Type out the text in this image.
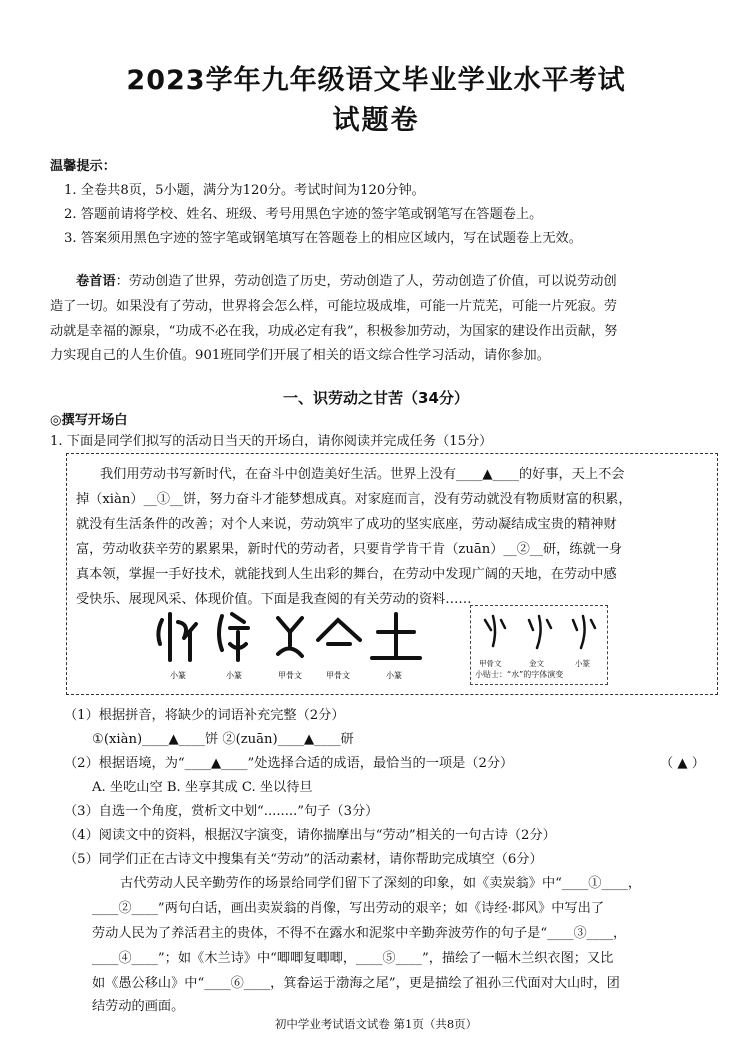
2023学年九年级语文毕业学业水平考试
试题卷
温馨提示：
1. 全卷共8页，5小题，满分为120分。考试时间为120分钟。
2. 答题前请将学校、姓名、班级、考号用黑色字迹的签字笔或钢笔写在答题卷上。
3. 答案须用黑色字迹的签字笔或钢笔填写在答题卷上的相应区域内，写在试题卷上无效。
卷首语：劳动创造了世界，劳动创造了历史，劳动创造了人，劳动创造了价值，可以说劳动创
造了一切。如果没有了劳动，世界将会怎么样，可能垃圾成堆，可能一片荒芜，可能一片死寂。劳
动就是幸福的源泉，“功成不必在我，功成必定有我”，积极参加劳动，为国家的建设作出贡献，努
力实现自己的人生价值。901班同学们开展了相关的语文综合性学习活动，请你参加。
一、识劳动之甘苦（34分）
◎撰写开场白
1. 下面是同学们拟写的活动日当天的开场白，请你阅读并完成任务（15分）
我们用劳动书写新时代，在奋斗中创造美好生活。世界上没有____▲____的好事，天上不会
掉（xiàn）__①__饼，努力奋斗才能梦想成真。对家庭而言，没有劳动就没有物质财富的积累，
就没有生活条件的改善；对个人来说，劳动筑牢了成功的坚实底座，劳动凝结成宝贵的精神财
富，劳动收获辛劳的累累果，新时代的劳动者，只要肯学肯干肯（zuān）__②__研，练就一身
真本领，掌握一手好技术，就能找到人生出彩的舞台，在劳动中发现广阔的天地，在劳动中感
受快乐、展现风采、体现价值。下面是我查阅的有关劳动的资料……
小篆	小篆	甲骨文	甲骨文	小篆
甲骨文	金文	小篆
小贴士：“水”的字体演变
（1）根据拼音，将缺少的词语补充完整（2分）
①(xiàn)____▲____饼 ②(zuān)____▲____研
（2）根据语境，为“____▲____”处选择合适的成语，最恰当的一项是（2分）	（ ▲ ）
A. 坐吃山空 B. 坐享其成 C. 坐以待旦
（3）自选一个角度，赏析文中划“........”句子（3分）
（4）阅读文中的资料，根据汉字演变，请你揣摩出与“劳动”相关的一句古诗（2分）
（5）同学们正在古诗文中搜集有关“劳动”的活动素材，请你帮助完成填空（6分）
古代劳动人民辛勤劳作的场景给同学们留下了深刻的印象，如《卖炭翁》中“____①____，
____②____”两句白话，画出卖炭翁的肖像，写出劳动的艰辛；如《诗经·邶风》中写出了
劳动人民为了养活君主的贵体，不得不在露水和泥浆中辛勤奔波劳作的句子是“____③____，
____④____”；如《木兰诗》中“唧唧复唧唧，____⑤____”，描绘了一幅木兰织衣图；又比
如《愚公移山》中“____⑥____，箕畚运于渤海之尾”，更是描绘了祖孙三代面对大山时，团
结劳动的画面。
初中学业考试语文试卷 第1页（共8页）
